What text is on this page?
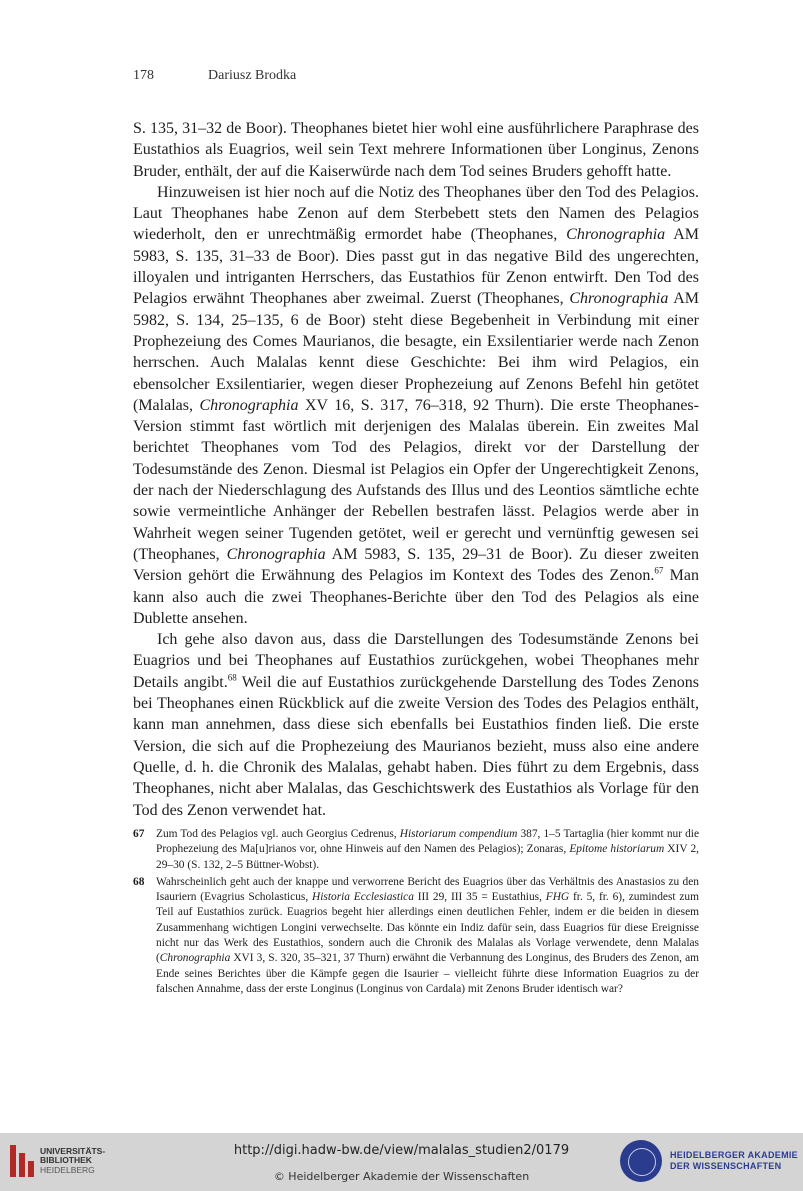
178	Dariusz Brodka

S. 135, 31–32 de Boor). Theophanes bietet hier wohl eine ausführlichere Paraphrase des Eustathios als Euagrios, weil sein Text mehrere Informationen über Longinus, Zenons Bruder, enthält, der auf die Kaiserwürde nach dem Tod seines Bruders gehofft hatte.

Hinzuweisen ist hier noch auf die Notiz des Theophanes über den Tod des Pelagios. Laut Theophanes habe Zenon auf dem Sterbebett stets den Namen des Pelagios wiederholt, den er unrechtmäßig ermordet habe (Theophanes, Chronographia AM 5983, S. 135, 31–33 de Boor). Dies passt gut in das negative Bild des ungerechten, illoyalen und intriganten Herrschers, das Eustathios für Zenon entwirft. Den Tod des Pelagios erwähnt Theophanes aber zweimal. Zuerst (Theophanes, Chronographia AM 5982, S. 134, 25–135, 6 de Boor) steht diese Begebenheit in Verbindung mit einer Prophezeiung des Comes Maurianos, die besagte, ein Exsilentiarier werde nach Zenon herrschen. Auch Malalas kennt diese Geschichte: Bei ihm wird Pelagios, ein ebensolcher Exsilentiarier, wegen dieser Prophezeiung auf Zenons Befehl hin getötet (Malalas, Chronographia XV 16, S. 317, 76–318, 92 Thurn). Die erste Theophanes-Version stimmt fast wörtlich mit derjenigen des Malalas überein. Ein zweites Mal berichtet Theophanes vom Tod des Pelagios, direkt vor der Darstellung der Todesumstände des Zenon. Diesmal ist Pelagios ein Opfer der Ungerechtigkeit Zenons, der nach der Niederschlagung des Aufstands des Illus und des Leontios sämtliche echte sowie vermeintliche Anhänger der Rebellen bestrafen lässt. Pelagios werde aber in Wahrheit wegen seiner Tugenden getötet, weil er gerecht und vernünftig gewesen sei (Theophanes, Chronographia AM 5983, S. 135, 29–31 de Boor). Zu dieser zweiten Version gehört die Erwähnung des Pelagios im Kontext des Todes des Zenon.$^{67}$ Man kann also auch die zwei Theophanes-Berichte über den Tod des Pelagios als eine Dublette ansehen.

Ich gehe also davon aus, dass die Darstellungen des Todesumstände Zenons bei Euagrios und bei Theophanes auf Eustathios zurückgehen, wobei Theophanes mehr Details angibt.$^{68}$ Weil die auf Eustathios zurückgehende Darstellung des Todes Zenons bei Theophanes einen Rückblick auf die zweite Version des Todes des Pelagios enthält, kann man annehmen, dass diese sich ebenfalls bei Eustathios finden ließ. Die erste Version, die sich auf die Prophezeiung des Maurianos bezieht, muss also eine andere Quelle, d. h. die Chronik des Malalas, gehabt haben. Dies führt zu dem Ergebnis, dass Theophanes, nicht aber Malalas, das Geschichtswerk des Eustathios als Vorlage für den Tod des Zenon verwendet hat.

67	Zum Tod des Pelagios vgl. auch Georgius Cedrenus, Historiarum compendium 387, 1–5 Tartaglia (hier kommt nur die Prophezeiung des Ma[u]rianos vor, ohne Hinweis auf den Namen des Pelagios); Zonaras, Epitome historiarum XIV 2, 29–30 (S. 132, 2–5 Büttner-Wobst).
68	Wahrscheinlich geht auch der knappe und verworrene Bericht des Euagrios über das Verhältnis des Anastasios zu den Isauriern (Evagrius Scholasticus, Historia Ecclesiastica III 29, III 35 = Eustathius, FHG fr. 5, fr. 6), zumindest zum Teil auf Eustathios zurück. Euagrios begeht hier allerdings einen deutlichen Fehler, indem er die beiden in diesem Zusammenhang wichtigen Longini verwechselte. Das könnte ein Indiz dafür sein, dass Euagrios für diese Ereignisse nicht nur das Werk des Eustathios, sondern auch die Chronik des Malalas als Vorlage verwendete, denn Malalas (Chronographia XVI 3, S. 320, 35–321, 37 Thurn) erwähnt die Verbannung des Longinus, des Bruders des Zenon, am Ende seines Berichtes über die Kämpfe gegen die Isaurier – vielleicht führte diese Information Euagrios zu der falschen Annahme, dass der erste Longinus (Longinus von Cardala) mit Zenons Bruder identisch war?
UNIVERSITÄTS-
BIBLIOTHEK
HEIDELBERG
http://digi.hadw-bw.de/view/malalas_studien2/0179
© Heidelberger Akademie der Wissenschaften
HEIDELBERGER AKADEMIE
DER WISSENSCHAFTEN
